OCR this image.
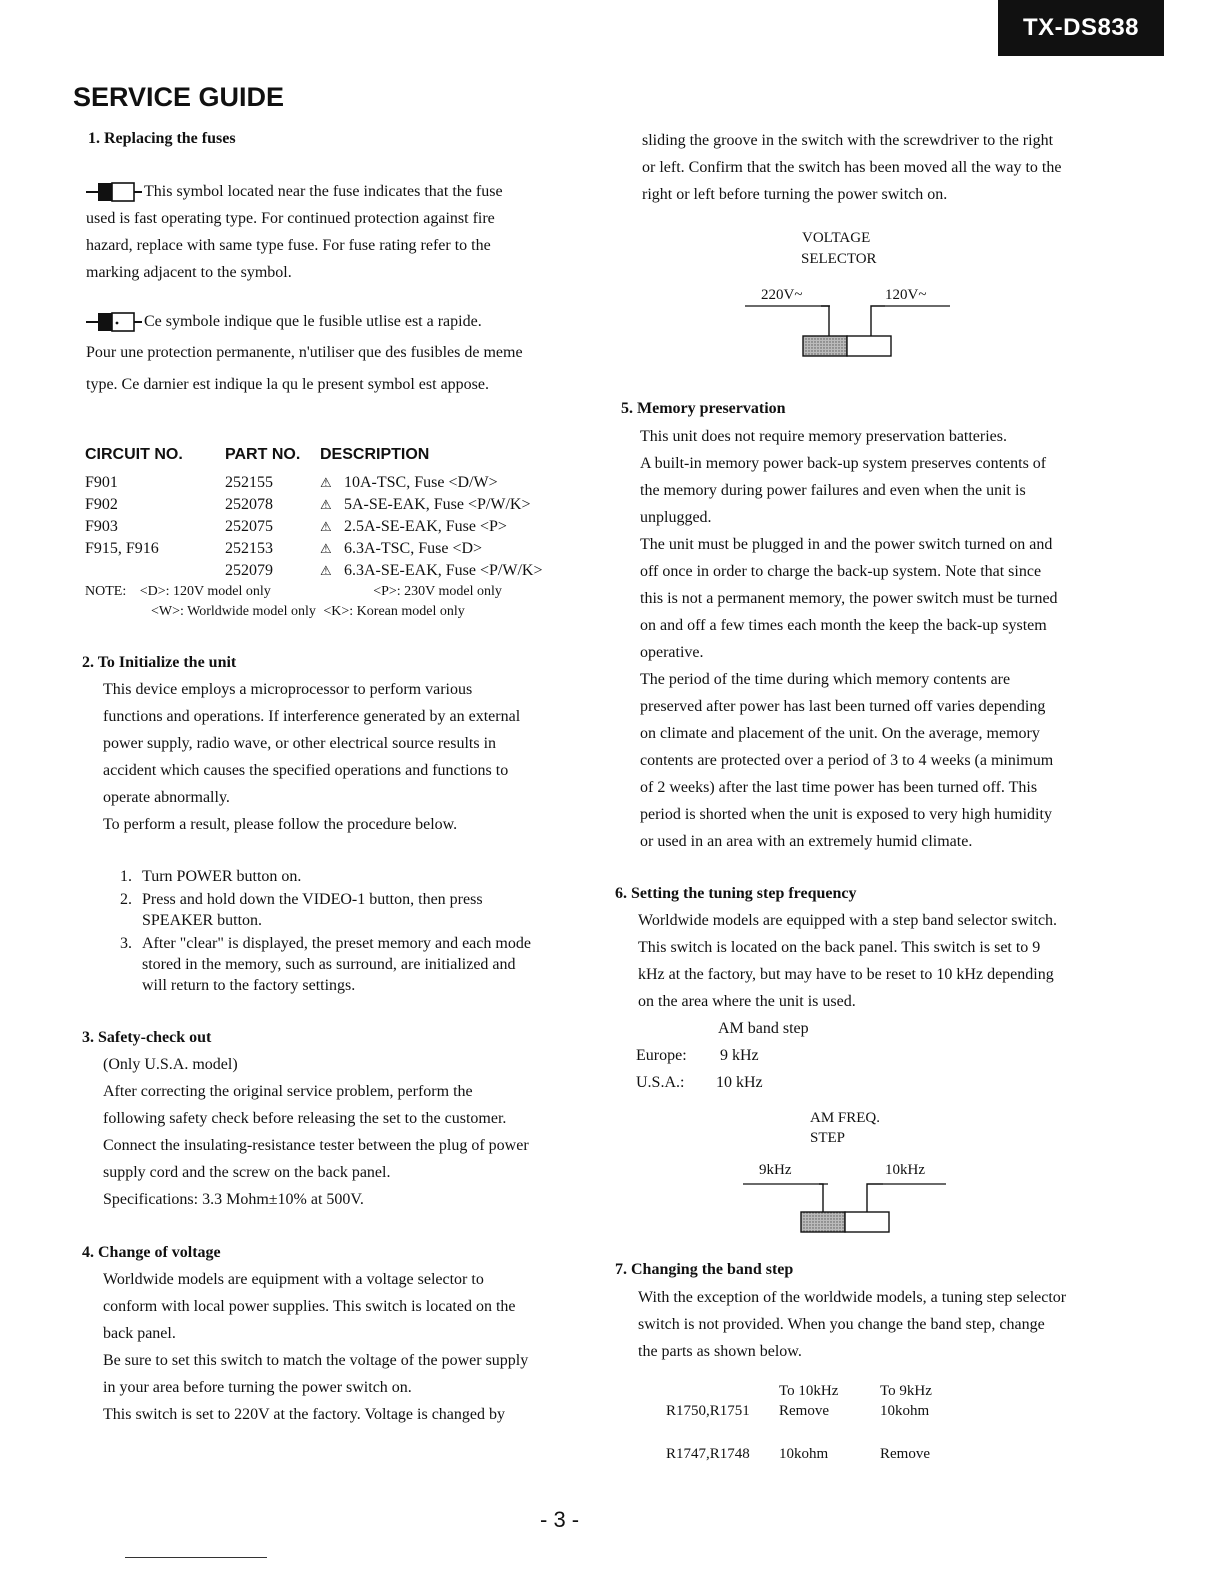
TX-DS838
SERVICE GUIDE
1. Replacing the fuses

This symbol located near the fuse indicates that the fuse

used is fast operating type. For continued protection against fire

hazard, replace with same type fuse. For fuse rating refer to the

marking adjacent to the symbol.

Ce symbole indique que le fusible utlise est a rapide.

Pour une protection permanente, n'utiliser que des fusibles de meme

type. Ce darnier est indique la qu le present symbol est appose.

CIRCUIT NO.	PART NO.	DESCRIPTION	
F901	252155	⚠	10A-TSC, Fuse <D/W>
F902	252078	⚠	5A-SE-EAK, Fuse <P/W/K>
F903	252075	⚠	2.5A-SE-EAK, Fuse <P>
F915, F916	252153	⚠	6.3A-TSC, Fuse <D>
	252079	⚠	6.3A-SE-EAK, Fuse <P/W/K>
NOTE: <D>: 120V model only	<P>: 230V model only
<W>: Worldwide model only <K>: Korean model only
2. To Initialize the unit

This device employs a microprocessor to perform various

functions and operations. If interference generated by an external

power supply, radio wave, or other electrical source results in

accident which causes the specified operations and functions to

operate abnormally.

To perform a result, please follow the procedure below.

1. Turn POWER button on.
2. Press and hold down the VIDEO-1 button, then press
SPEAKER button.
3. After "clear" is displayed, the preset memory and each mode
stored in the memory, such as surround, are initialized and
will return to the factory settings.
3. Safety-check out

(Only U.S.A. model)

After correcting the original service problem, perform the

following safety check before releasing the set to the customer.

Connect the insulating-resistance tester between the plug of power

supply cord and the screw on the back panel.

Specifications: 3.3 Mohm±10% at 500V.

4. Change of voltage

Worldwide models are equipment with a voltage selector to

conform with local power supplies. This switch is located on the

back panel.

Be sure to set this switch to match the voltage of the power supply

in your area before turning the power switch on.

This switch is set to 220V at the factory. Voltage is changed by

sliding the groove in the switch with the screwdriver to the right

or left. Confirm that the switch has been moved all the way to the

right or left before turning the power switch on.

VOLTAGE
SELECTOR
220V~	120V~
5. Memory preservation

This unit does not require memory preservation batteries.

A built-in memory power back-up system preserves contents of

the memory during power failures and even when the unit is

unplugged.

The unit must be plugged in and the power switch turned on and

off once in order to charge the back-up system. Note that since

this is not a permanent memory, the power switch must be turned

on and off a few times each month the keep the back-up system

operative.

The period of the time during which memory contents are

preserved after power has last been turned off varies depending

on climate and placement of the unit. On the average, memory

contents are protected over a period of 3 to 4 weeks (a minimum

of 2 weeks) after the last time power has been turned off. This

period is shorted when the unit is exposed to very high humidity

or used in an area with an extremely humid climate.

6. Setting the tuning step frequency

Worldwide models are equipped with a step band selector switch.

This switch is located on the back panel. This switch is set to 9

kHz at the factory, but may have to be reset to 10 kHz depending

on the area where the unit is used.

AM band step
Europe: 9 kHz
U.S.A.: 10 kHz
AM FREQ.
STEP
9kHz	10kHz
7. Changing the band step

With the exception of the worldwide models, a tuning step selector

switch is not provided. When you change the band step, change

the parts as shown below.

	To 10kHz	To 9kHz
R1750,R1751	Remove	10kohm

R1747,R1748	10kohm	Remove
- 3 -
